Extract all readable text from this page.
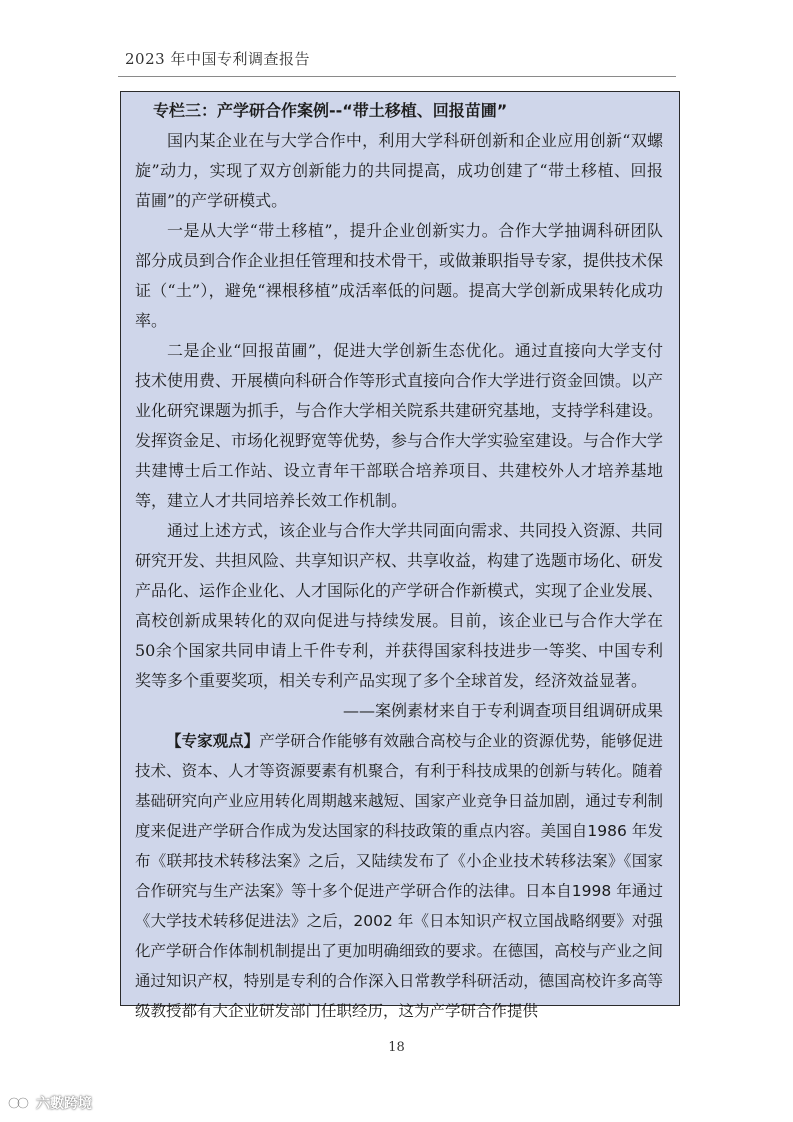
2023 年中国专利调查报告
专栏三：产学研合作案例--“带土移植、回报苗圃”

国内某企业在与大学合作中，利用大学科研创新和企业应用创新“双螺旋”动力，实现了双方创新能力的共同提高，成功创建了“带土移植、回报苗圃”的产学研模式。

一是从大学“带土移植”，提升企业创新实力。合作大学抽调科研团队部分成员到合作企业担任管理和技术骨干，或做兼职指导专家，提供技术保证（“土”），避免“裸根移植”成活率低的问题。提高大学创新成果转化成功率。

二是企业“回报苗圃”，促进大学创新生态优化。通过直接向大学支付技术使用费、开展横向科研合作等形式直接向合作大学进行资金回馈。以产业化研究课题为抓手，与合作大学相关院系共建研究基地，支持学科建设。发挥资金足、市场化视野宽等优势，参与合作大学实验室建设。与合作大学共建博士后工作站、设立青年干部联合培养项目、共建校外人才培养基地等，建立人才共同培养长效工作机制。

通过上述方式，该企业与合作大学共同面向需求、共同投入资源、共同研究开发、共担风险、共享知识产权、共享收益，构建了选题市场化、研发产品化、运作企业化、人才国际化的产学研合作新模式，实现了企业发展、高校创新成果转化的双向促进与持续发展。目前，该企业已与合作大学在 50余个国家共同申请上千件专利，并获得国家科技进步一等奖、中国专利奖等多个重要奖项，相关专利产品实现了多个全球首发，经济效益显著。

——案例素材来自于专利调查项目组调研成果

【专家观点】产学研合作能够有效融合高校与企业的资源优势，能够促进技术、资本、人才等资源要素有机聚合，有利于科技成果的创新与转化。随着基础研究向产业应用转化周期越来越短、国家产业竞争日益加剧，通过专利制度来促进产学研合作成为发达国家的科技政策的重点内容。美国自1986 年发布《联邦技术转移法案》之后，又陆续发布了《小企业技术转移法案》《国家合作研究与生产法案》等十多个促进产学研合作的法律。日本自1998 年通过《大学技术转移促进法》之后，2002 年《日本知识产权立国战略纲要》对强化产学研合作体制机制提出了更加明确细致的要求。在德国，高校与产业之间通过知识产权，特别是专利的合作深入日常教学科研活动，德国高校许多高等级教授都有大企业研发部门任职经历，这为产学研合作提供

18
六數跨境
